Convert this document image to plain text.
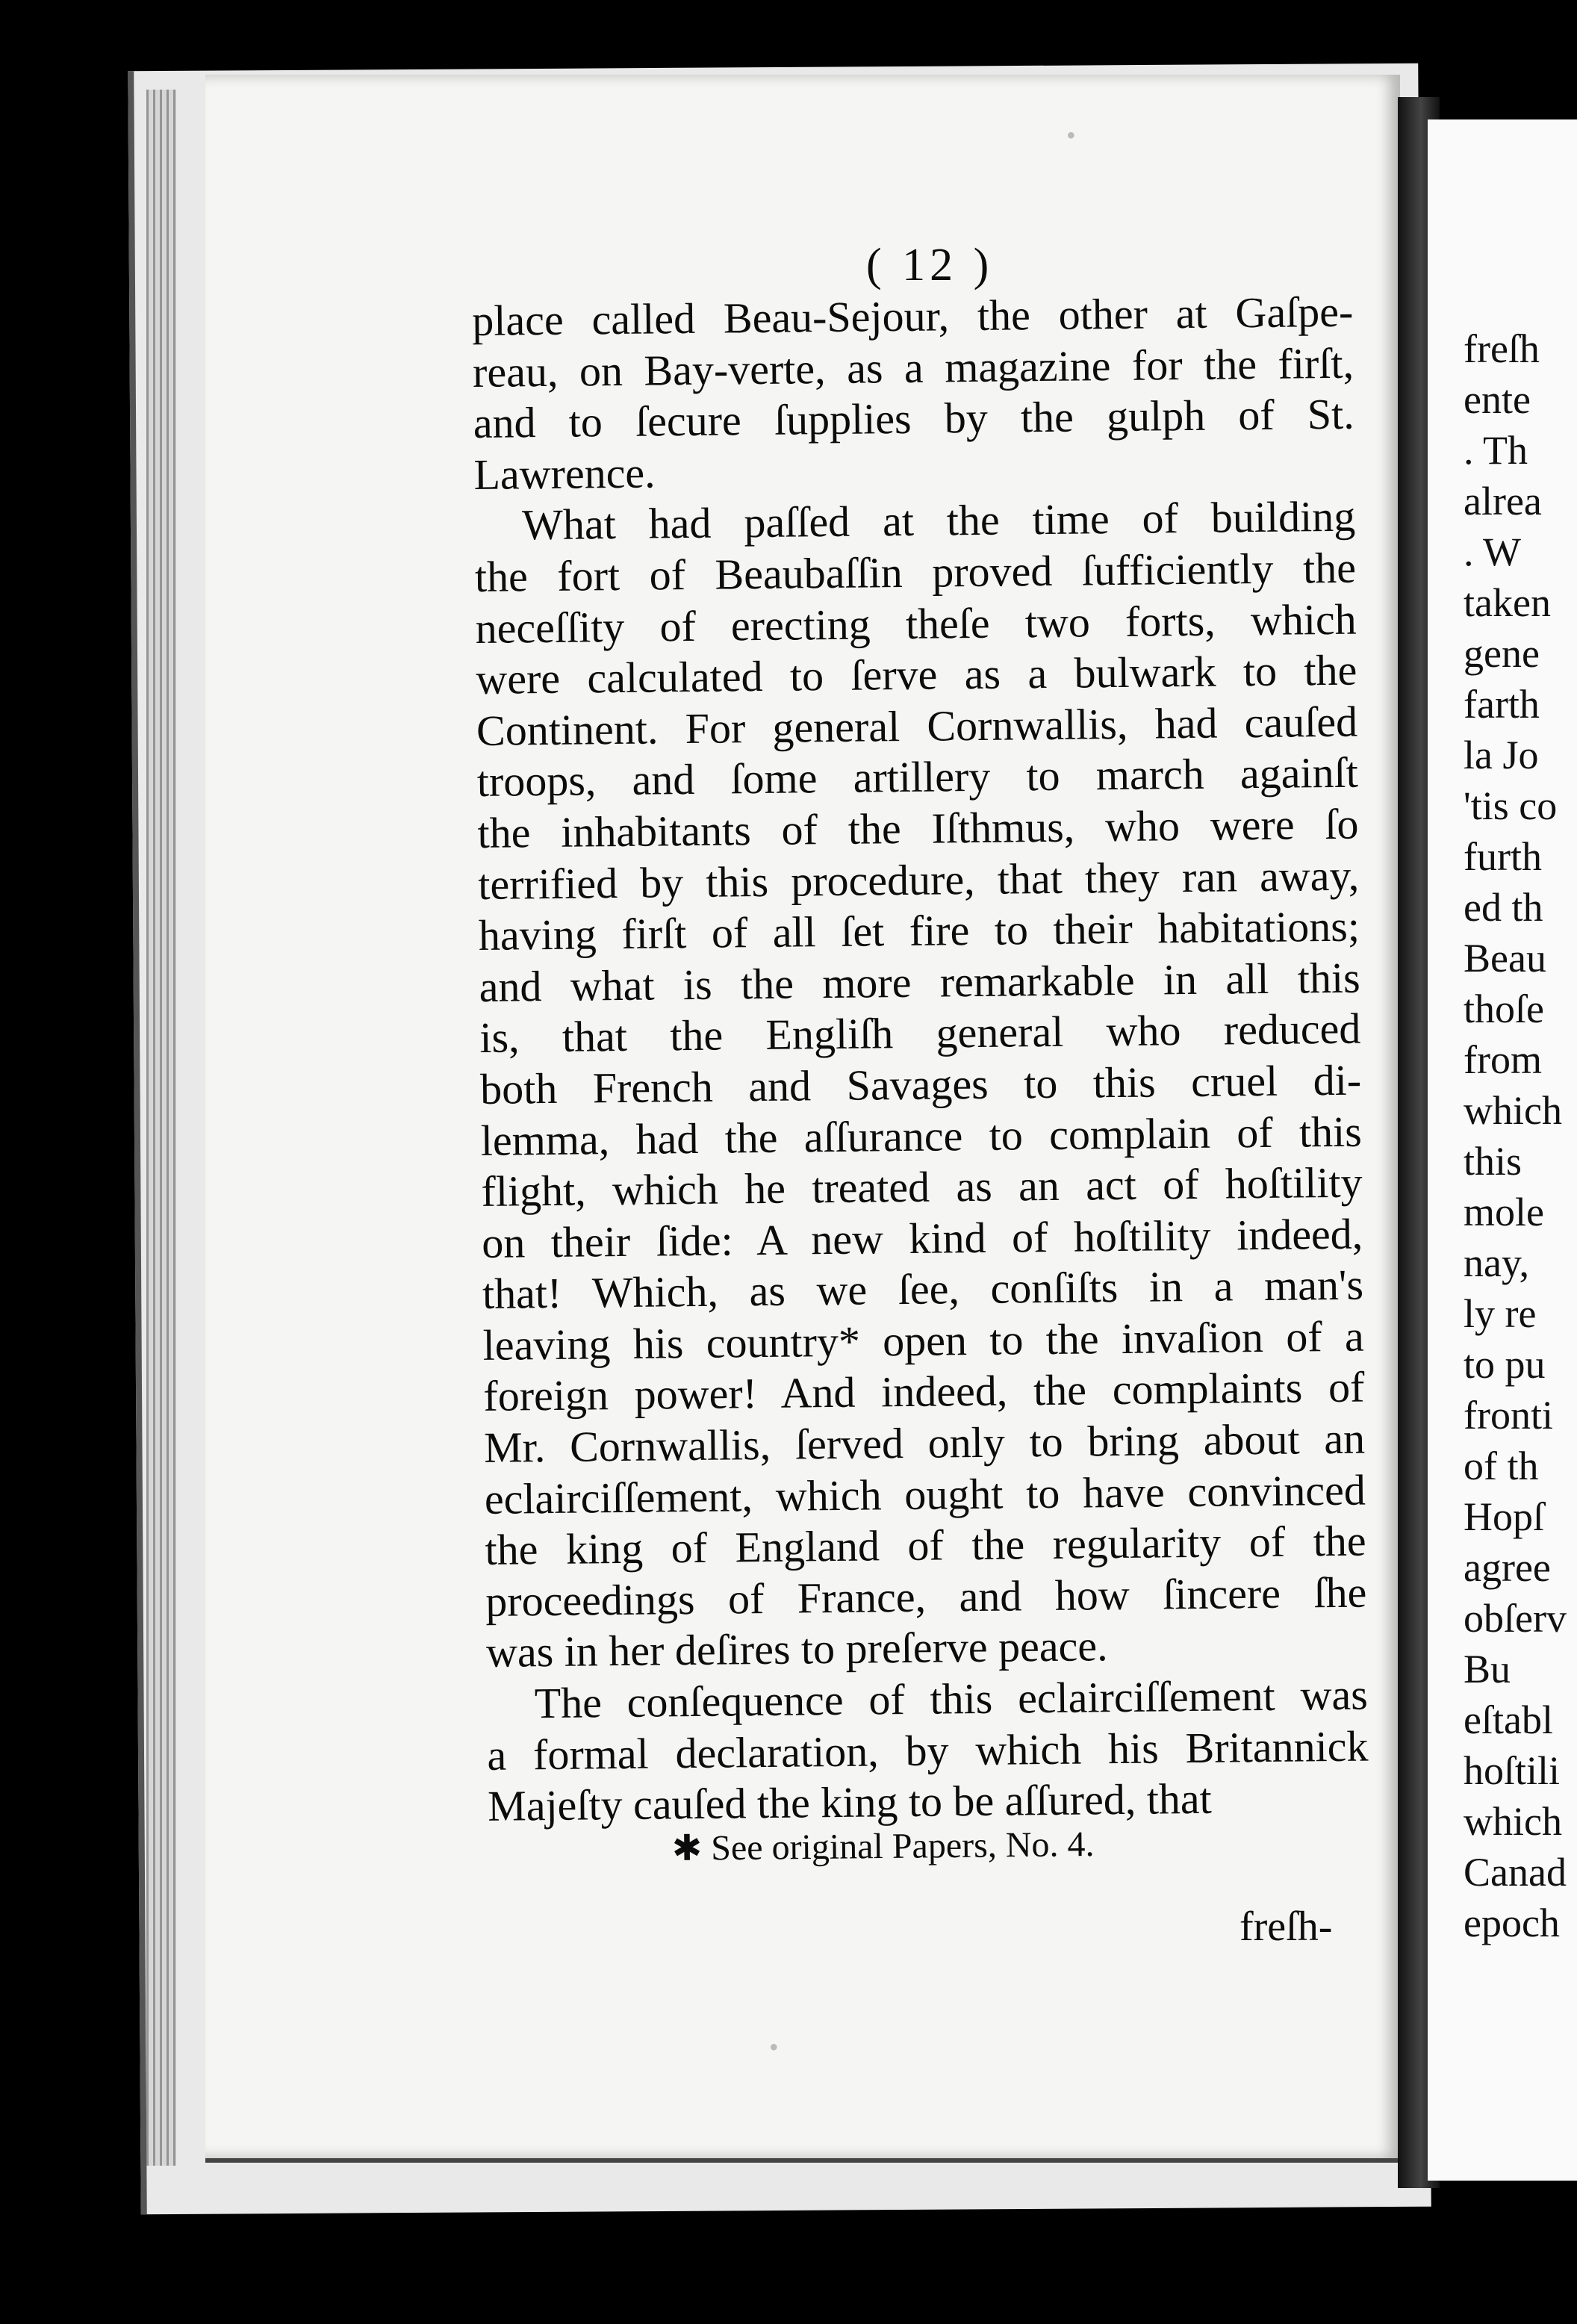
freſh
ente
. Th
alrea
. W
taken
gene
farth
la Jo
'tis co
furth
ed th
Beau
thoſe
from
which
this
mole
nay,
ly re
to pu
fronti
of th
Hopſ
agree
obſerv
Bu
eſtabl
hoſtili
which
Canad
epoch
( 12 )
place called Beau-Sejour, the other at Gaſpe-
reau, on Bay-verte, as a magazine for the firſt,
and to ſecure ſupplies by the gulph of St.
Lawrence.
What had paſſed at the time of building
the fort of Beaubaſſin proved ſufficiently the
neceſſity of erecting theſe two forts, which
were calculated to ſerve as a bulwark to the
Continent. For general Cornwallis, had cauſed
troops, and ſome artillery to march againſt
the inhabitants of the Iſthmus, who were ſo
terrified by this procedure, that they ran away,
having firſt of all ſet fire to their habitations;
and what is the more remarkable in all this
is, that the Engliſh general who reduced
both French and Savages to this cruel di-
lemma, had the aſſurance to complain of this
flight, which he treated as an act of hoſtility
on their ſide: A new kind of hoſtility indeed,
that! Which, as we ſee, conſiſts in a man's
leaving his country* open to the invaſion of a
foreign power! And indeed, the complaints of
Mr. Cornwallis, ſerved only to bring about an
eclairciſſement, which ought to have convinced
the king of England of the regularity of the
proceedings of France, and how ſincere ſhe
was in her deſires to preſerve peace.
The conſequence of this eclairciſſement was
a formal declaration, by which his Britannick
Majeſty cauſed the king to be aſſured, that
✱ See original Papers, No. 4.
freſh-
•
•
